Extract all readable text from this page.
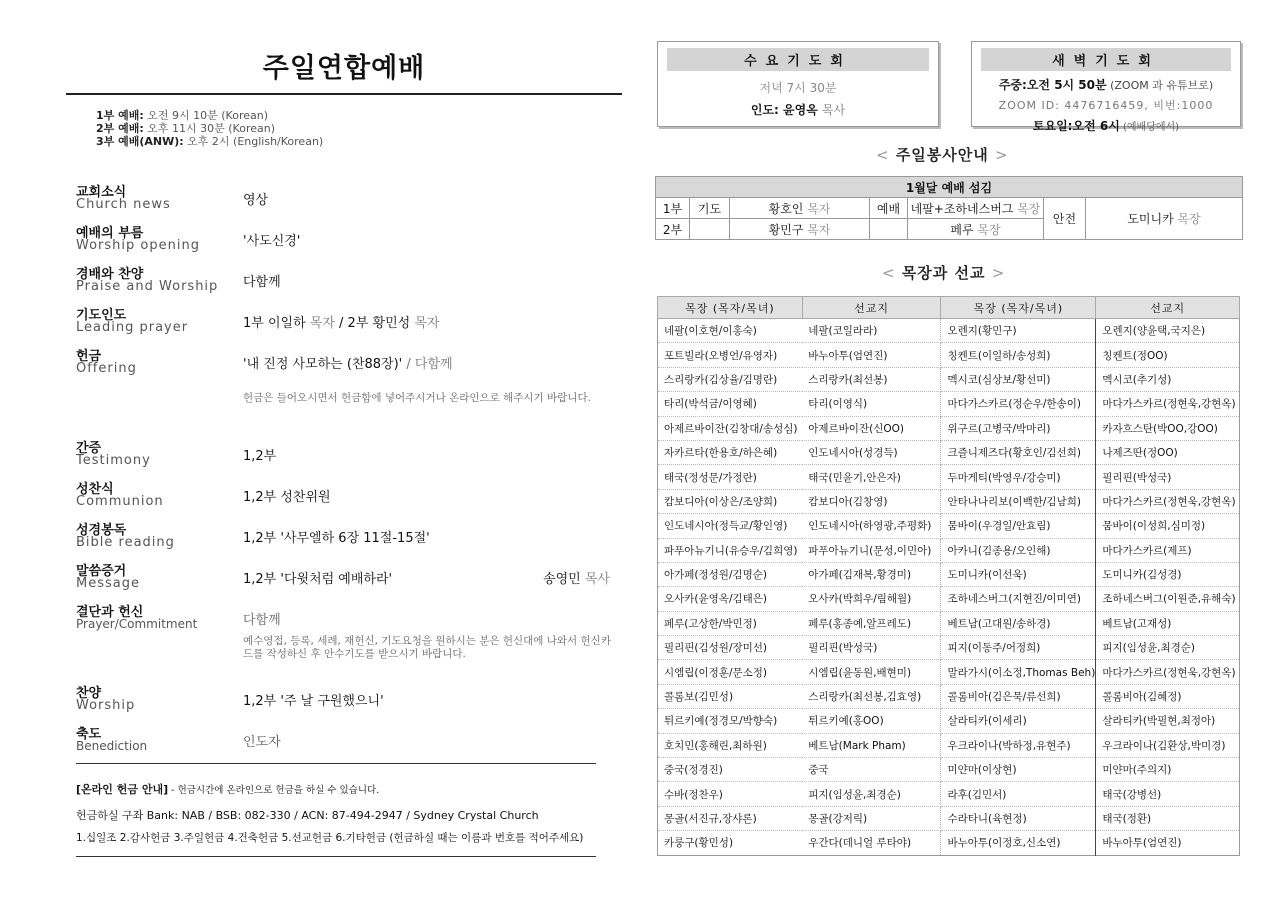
주일연합예배
1부 예배: 오전 9시 10분 (Korean)
2부 예배: 오후 11시 30분 (Korean)
3부 예배(ANW): 오후 2시 (English/Korean)
교회소식
Church news	영상
예배의 부름
Worship opening	'사도신경'
경배와 찬양
Praise and Worship 다함께
기도인도
Leading prayer	1부 이일하 목자 / 2부 황민성 목자
헌금
Offering	'내 진정 사모하는 (찬88장)' / 다함께
헌금은 들어오시면서 헌금함에 넣어주시거나 온라인으로 해주시기 바랍니다.
간증
Testimony	1,2부
성찬식
Communion	1,2부 성찬위원
성경봉독
Bible reading	1,2부 '사무엘하 6장 11절-15절'
말씀증거
Message	1,2부 '다윗처럼 예배하라'	송영민 목사
결단과 헌신
Prayer/Commitment	다함께
예수영접, 등록, 세례, 재헌신, 기도요청을 원하시는 분은 헌신대에 나와서 헌신카드를 작성하신 후 안수기도를 받으시기 바랍니다.
찬양
Worship	1,2부 '주 날 구원했으니'
축도
Benediction	인도자
[온라인 헌금 안내] - 헌금시간에 온라인으로 헌금을 하실 수 있습니다.
헌금하실 구좌 Bank: NAB / BSB: 082-330 / ACN: 87-494-2947 / Sydney Crystal Church
1.십일조 2.감사헌금 3.주일헌금 4.건축헌금 5.선교헌금 6.기타헌금 (헌금하실 때는 이름과 번호를 적어주세요)
수요기도회
저녁 7시 30분
인도: 윤영옥 목사
새벽기도회
주중:오전 5시 50분 (ZOOM 과 유튜브로)
ZOOM ID: 4476716459, 비번:1000
토요일:오전 6시 (예배당에서)
< 주일봉사안내 >
1월달 예배 섬김						
1부	기도	황호인 목자	예배	네팔+조하네스버그 목장	안전	도미니카 목장
2부		황민구 목자		페루 목장		
< 목장과 선교 >
목장 (목자/목녀)	선교지	목장 (목자/목녀)	선교지
네팔(이호현/이홍숙)	네팔(코일라라)	오렌지(황민구)	오렌지(양윤택,국지은)
포트빌라(오병언/유영자)	바누아투(엄연진)	칭켄트(이일하/송성희)	칭켄트(정OO)
스리랑카(김상율/김명란)	스리랑카(최선봉)	멕시코(심상보/황선미)	멕시코(추기성)
타리(박석금/이영혜)	타리(이영식)	마다가스카르(정순우/한송이)	마다가스카르(정현욱,강현옥)
아제르바이잔(김창대/송성심)	아제르바이잔(신OO)	위구르(고병국/박마리)	카자흐스탄(박OO,강OO)
자카르타(한용호/하은혜)	인도네시아(성경득)	크즐니제즈다(황호인/김선희)	나제즈딴(정OO)
태국(정성문/가정란)	태국(민윤기,안은자)	두마게티(박영우/강승미)	필리핀(박성국)
캄보디아(이상은/조양희)	캄보디아(김창영)	안타나나리보(이백한/김남희)	마다가스카르(정현욱,강현옥)
인도네시아(정득교/황인영)	인도네시아(하영광,주평화)	뭄바이(우경일/안효림)	뭄바이(이성희,심미정)
파푸아뉴기니(유승우/김희영)	파푸아뉴기니(문성,이민아)	아카니(김종용/오인해)	마다가스카르(제프)
아가페(정성원/김명순)	아가페(김재복,황경미)	도미니카(이선욱)	도미니카(김성경)
오사카(윤영옥/김태은)	오사카(박희우/림해월)	조하네스버그(지현진/이미연)	조하네스버그(이원준,유해숙)
페루(고상한/박민정)	페루(홍종예,알프레도)	베트남(고대원/송하경)	베트남(고재성)
필리핀(김성원/장미선)	필리핀(박성국)	피지(이동주/어정희)	피지(임성윤,최경순)
시엠립(이정훈/문소정)	시엠립(윤동원,배현미)	말라가시(이소정,Thomas Beh)	마다가스카르(정현욱,강현옥)
콜롬보(김민성)	스리랑카(최선봉,김효영)	콜롬비아(김은묵/류선희)	콜롬비아(김혜정)
튀르키예(정경모/박향숙)	튀르키예(홍OO)	살라티카(이세리)	살라티카(박필현,최정아)
호치민(홍해린,최하원)	베트남(Mark Pham)	우크라이나(박하정,유현주)	우크라이나(김환상,박미경)
중국(정경진)	중국	미얀마(이상현)	미얀마(주의지)
수바(정찬우)	피지(임성윤,최경순)	라후(김민서)	태국(강병선)
몽골(서진규,장샤론)	몽골(강저릭)	수라타니(육현정)	태국(정환)
카룽구(황민성)	우간다(데니얼 루타야)	바누아투(이정호,신소연)	바누아투(엄연진)
